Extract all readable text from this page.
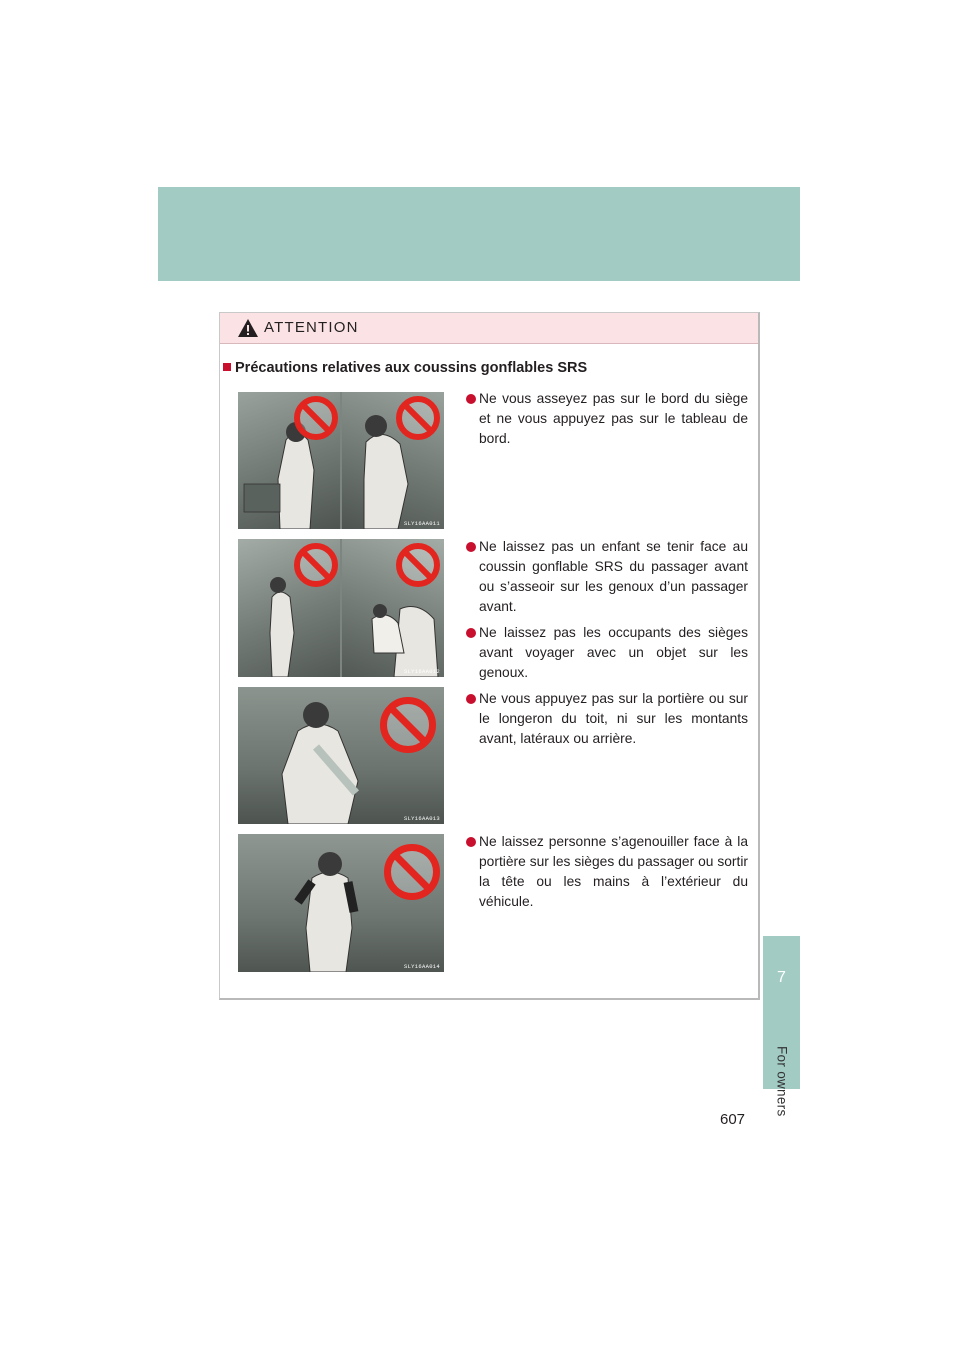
7
For owners
ATTENTION
Précautions relatives aux coussins gonflables SRS
SLY16AA011
SLY16AA012
SLY16AA013
SLY16AA014
Ne vous asseyez pas sur le bord du siège et ne vous appuyez pas sur le tableau de bord.
Ne laissez pas un enfant se tenir face au coussin gonflable SRS du passager avant ou s’asseoir sur les genoux d’un passager avant.
Ne laissez pas les occupants des sièges avant voyager avec un objet sur les genoux.
Ne vous appuyez pas sur la portière ou sur le longeron du toit, ni sur les montants avant, latéraux ou arrière.
Ne laissez personne s’agenouiller face à la portière sur les sièges du passager ou sortir la tête ou les mains à l’extérieur du véhicule.
607
